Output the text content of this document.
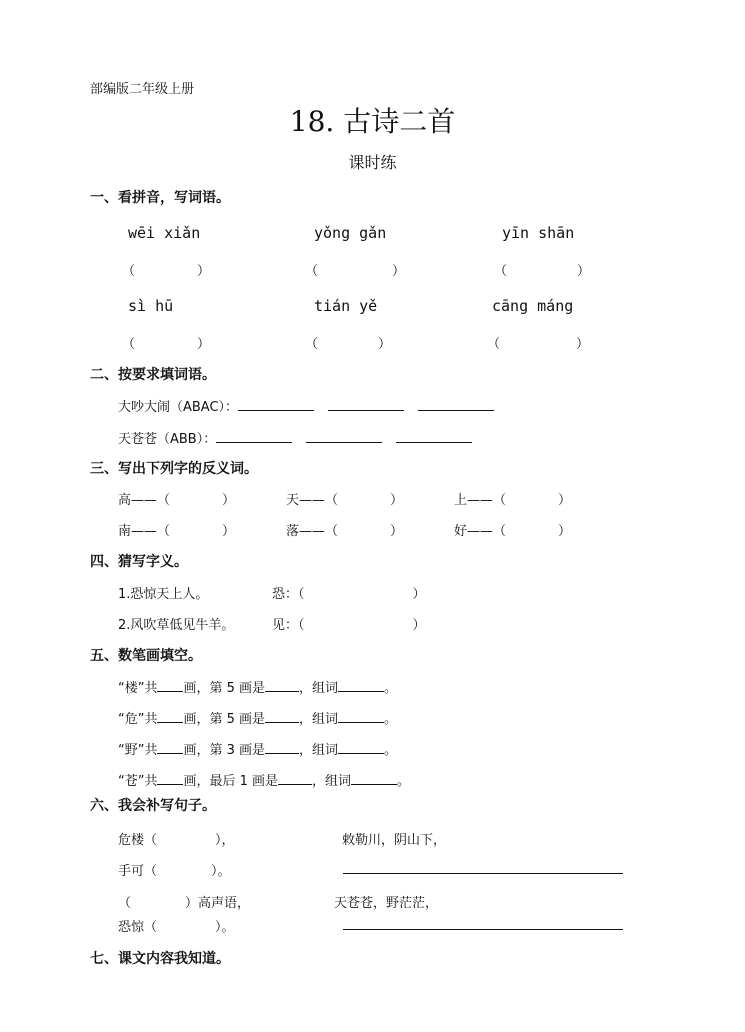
部编版二年级上册
18. 古诗二首
课时练
一、看拼音，写词语。
wēi xiǎn	yǒng gǎn	yīn shān
（	）	（	）	（	）
sì hū	tián yě	cāng máng
（	）	（	）	（	）
二、按要求填词语。
大吵大闹（ABAC）：
天苍苍（ABB）：
三、写出下列字的反义词。
高——（	）	天——（	）	上——（	）
南——（	）	落——（	）	好——（	）
四、猜写字义。
1.恐惊天上人。	恐：（	）
2.风吹草低见牛羊。	见：（	）
五、数笔画填空。
“楼”共 画，第 5 画是	，组词	。
“危”共 画，第 5 画是	，组词	。
“野”共 画，第 3 画是	，组词	。
“苍”共 画，最后 1 画是	，组词	。
六、我会补写句子。
危楼（	），	敕勒川，阴山下，
手可（	）。
（	）高声语，	天苍苍，野茫茫，
恐惊（	）。
七、课文内容我知道。
